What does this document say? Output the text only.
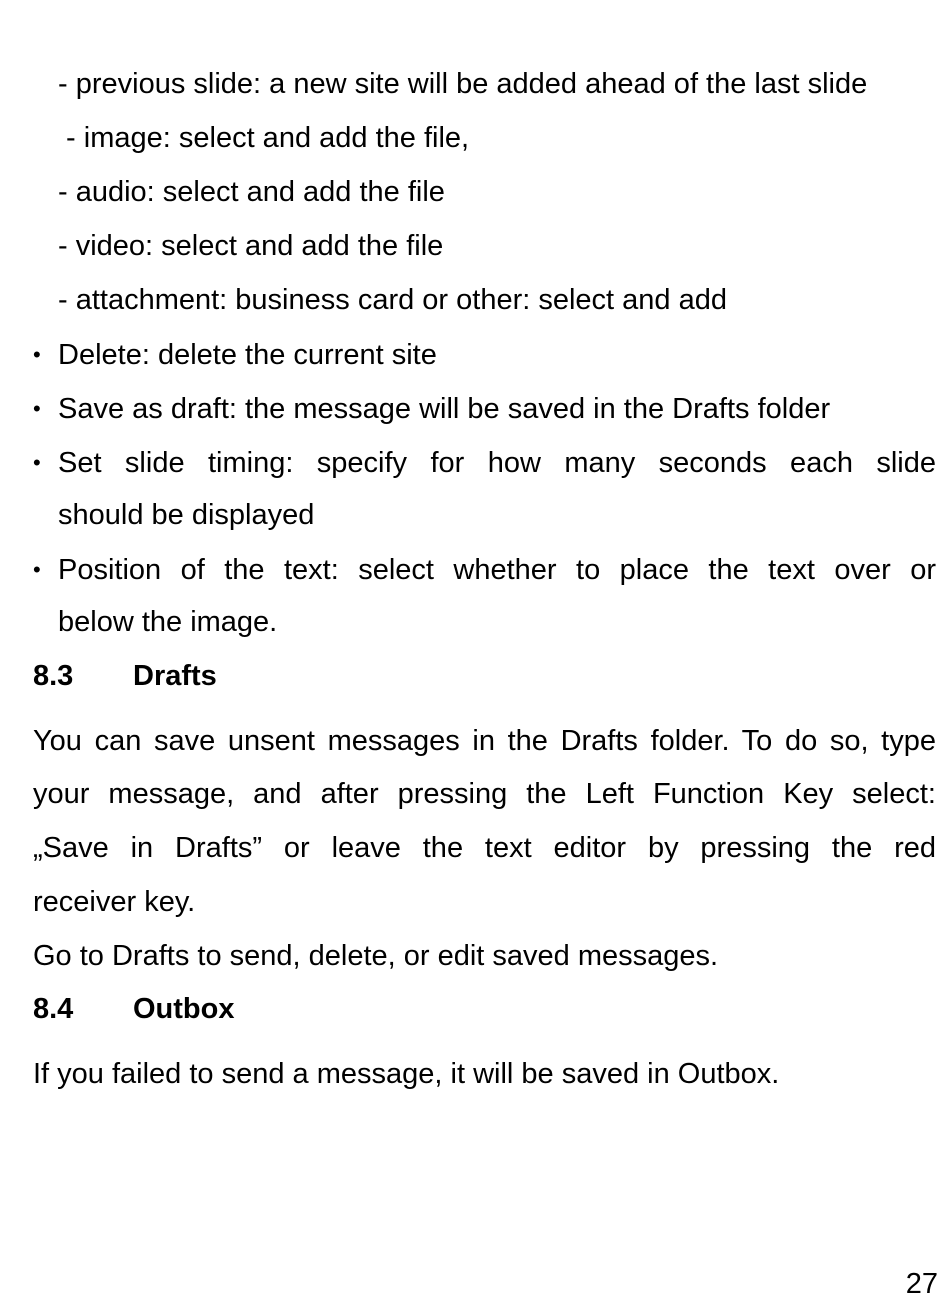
- previous slide: a new site will be added ahead of the last slide
- image: select and add the file,
- audio: select and add the file
- video: select and add the file
- attachment: business card or other: select and add
• Delete: delete the current site
• Save as draft: the message will be saved in the Drafts folder
• Set slide timing: specify for how many seconds each slide
should be displayed
• Position of the text: select whether to place the text over or
below the image.
8.3 Drafts
You can save unsent messages in the Drafts folder. To do so, type
your message, and after pressing the Left Function Key select:
„Save in Drafts” or leave the text editor by pressing the red
receiver key.
Go to Drafts to send, delete, or edit saved messages.
8.4 Outbox
If you failed to send a message, it will be saved in Outbox.
27
